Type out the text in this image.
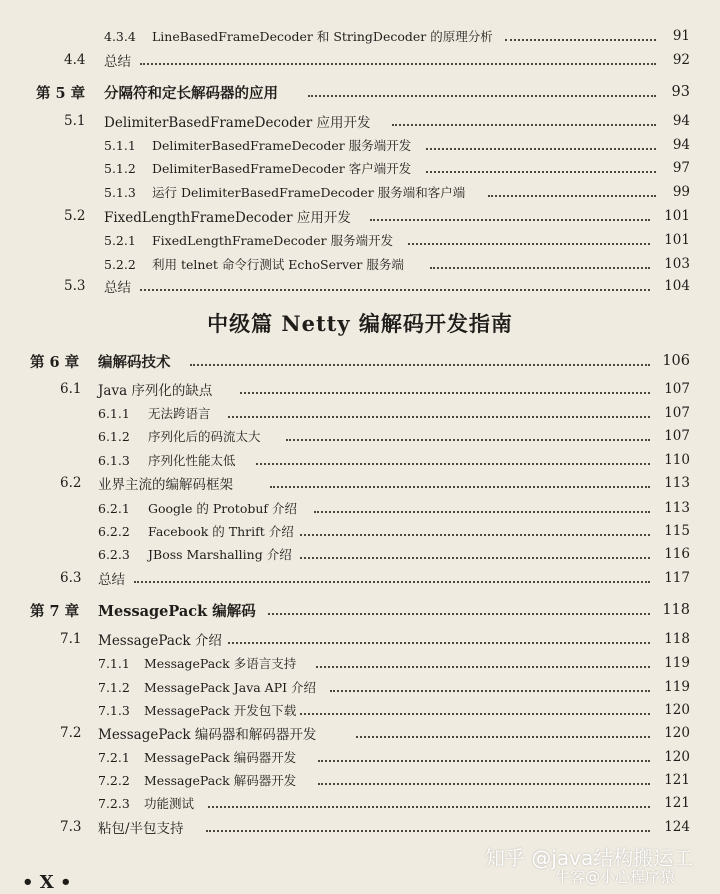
4.3.4 LineBasedFrameDecoder 和 StringDecoder 的原理分析	91
4.4 总结	92
第 5 章 分隔符和定长解码器的应用	93
5.1 DelimiterBasedFrameDecoder 应用开发	94
5.1.1 DelimiterBasedFrameDecoder 服务端开发	94
5.1.2 DelimiterBasedFrameDecoder 客户端开发	97
5.1.3 运行 DelimiterBasedFrameDecoder 服务端和客户端	99
5.2 FixedLengthFrameDecoder 应用开发	101
5.2.1 FixedLengthFrameDecoder 服务端开发	101
5.2.2 利用 telnet 命令行测试 EchoServer 服务端	103
5.3 总结	104
中级篇 Netty 编解码开发指南
第 6 章 编解码技术	106
6.1 Java 序列化的缺点	107
6.1.1 无法跨语言	107
6.1.2 序列化后的码流太大	107
6.1.3 序列化性能太低	110
6.2 业界主流的编解码框架	113
6.2.1 Google 的 Protobuf 介绍	113
6.2.2 Facebook 的 Thrift 介绍	115
6.2.3 JBoss Marshalling 介绍	116
6.3 总结	117
第 7 章 MessagePack 编解码	118
7.1 MessagePack 介绍	118
7.1.1 MessagePack 多语言支持	119
7.1.2 MessagePack Java API 介绍	119
7.1.3 MessagePack 开发包下载	120
7.2 MessagePack 编码器和解码器开发	120
7.2.1 MessagePack 编码器开发	120
7.2.2 MessagePack 解码器开发	121
7.2.3 功能测试	121
7.3 粘包/半包支持	124
• X •
知乎 @java结构搬运工
牛客@小心程序猿
